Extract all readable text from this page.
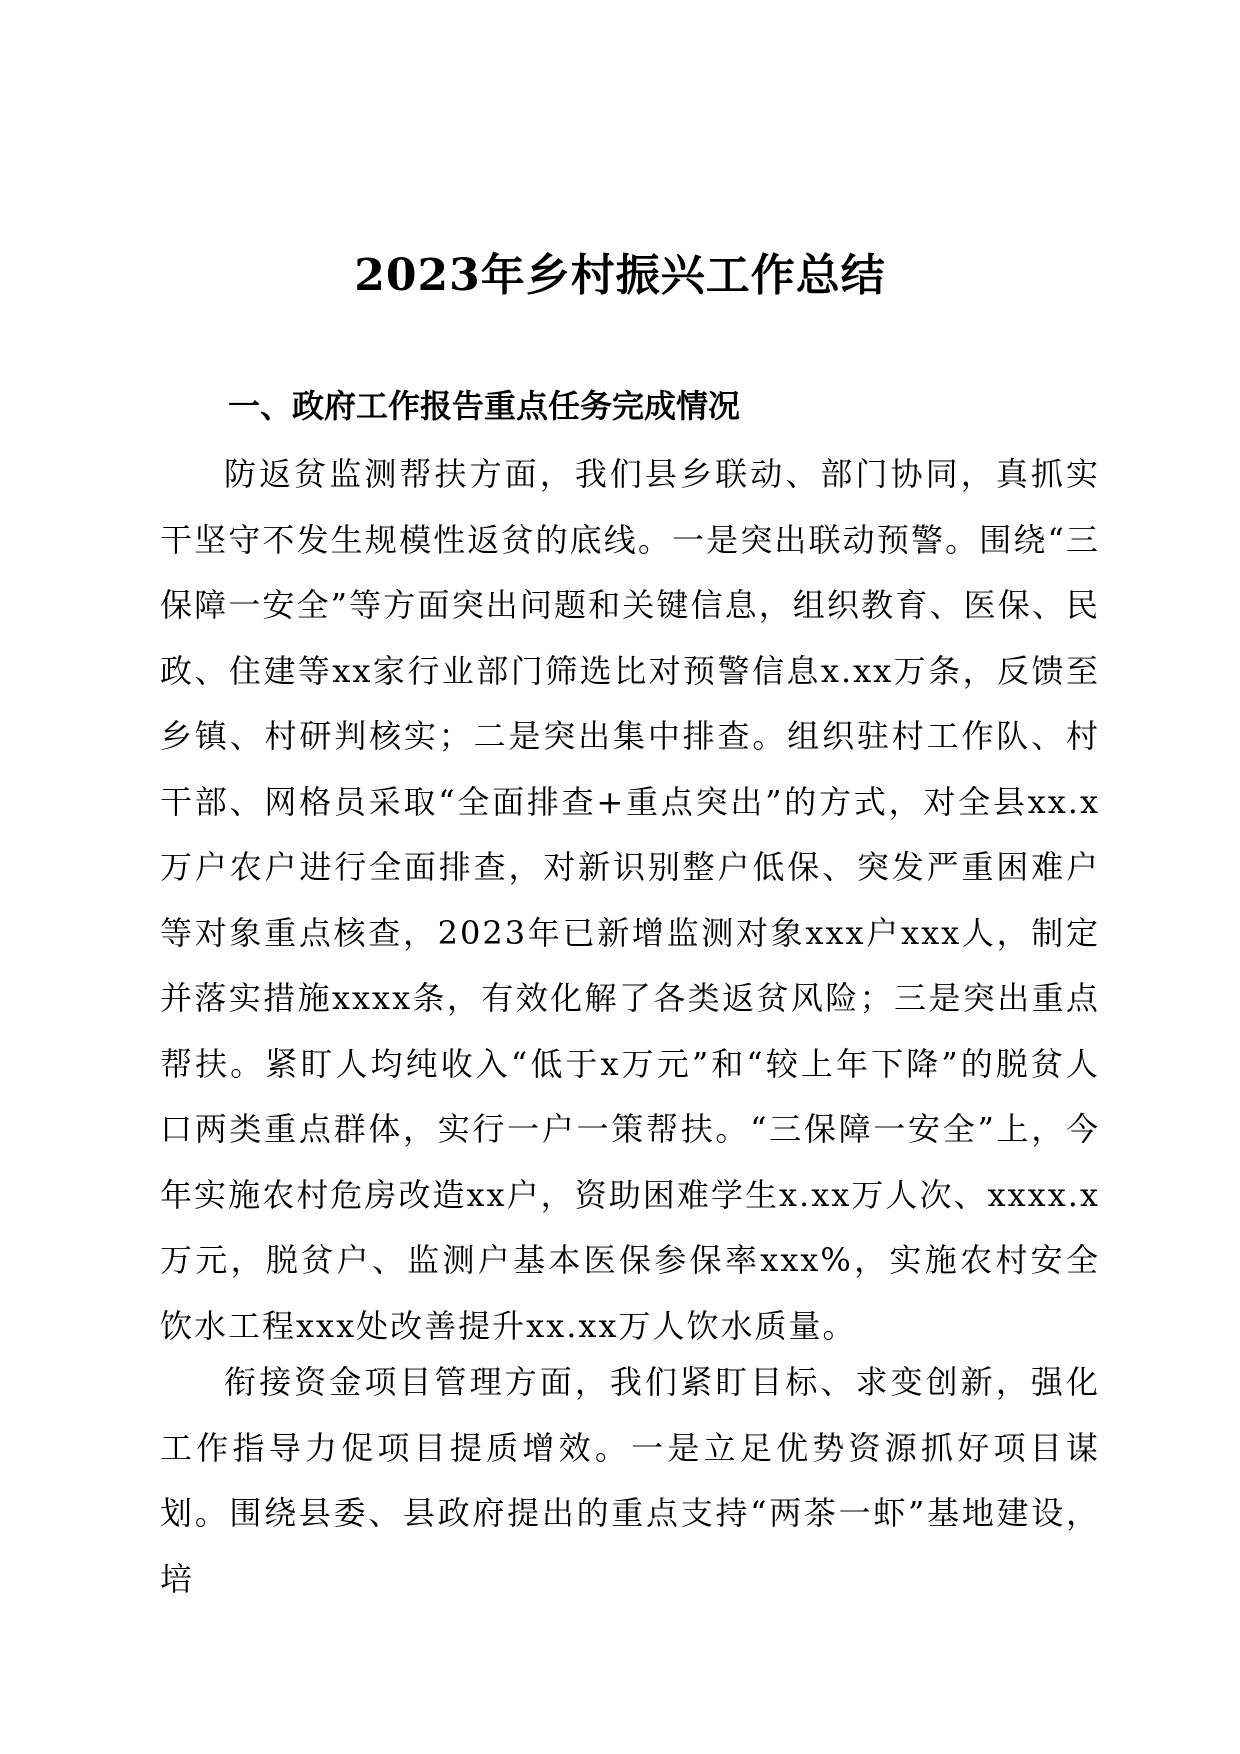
2023年乡村振兴工作总结
一、政府工作报告重点任务完成情况

防返贫监测帮扶方面，我们县乡联动、部门协同，真抓实干坚守不发生规模性返贫的底线。一是突出联动预警。围绕“三保障一安全”等方面突出问题和关键信息，组织教育、医保、民政、住建等xx家行业部门筛选比对预警信息x.xx万条，反馈至乡镇、村研判核实；二是突出集中排查。组织驻村工作队、村干部、网格员采取“全面排查+重点突出”的方式，对全县xx.x万户农户进行全面排查，对新识别整户低保、突发严重困难户等对象重点核查，2023年已新增监测对象xxx户xxx人，制定并落实措施xxxx条，有效化解了各类返贫风险；三是突出重点帮扶。紧盯人均纯收入“低于x万元”和“较上年下降”的脱贫人口两类重点群体，实行一户一策帮扶。“三保障一安全”上，今年实施农村危房改造xx户，资助困难学生x.xx万人次、xxxx.x万元，脱贫户、监测户基本医保参保率xxx%，实施农村安全饮水工程xxx处改善提升xx.xx万人饮水质量。

衔接资金项目管理方面，我们紧盯目标、求变创新，强化工作指导力促项目提质增效。一是立足优势资源抓好项目谋划。围绕县委、县政府提出的重点支持“两茶一虾”基地建设，培
